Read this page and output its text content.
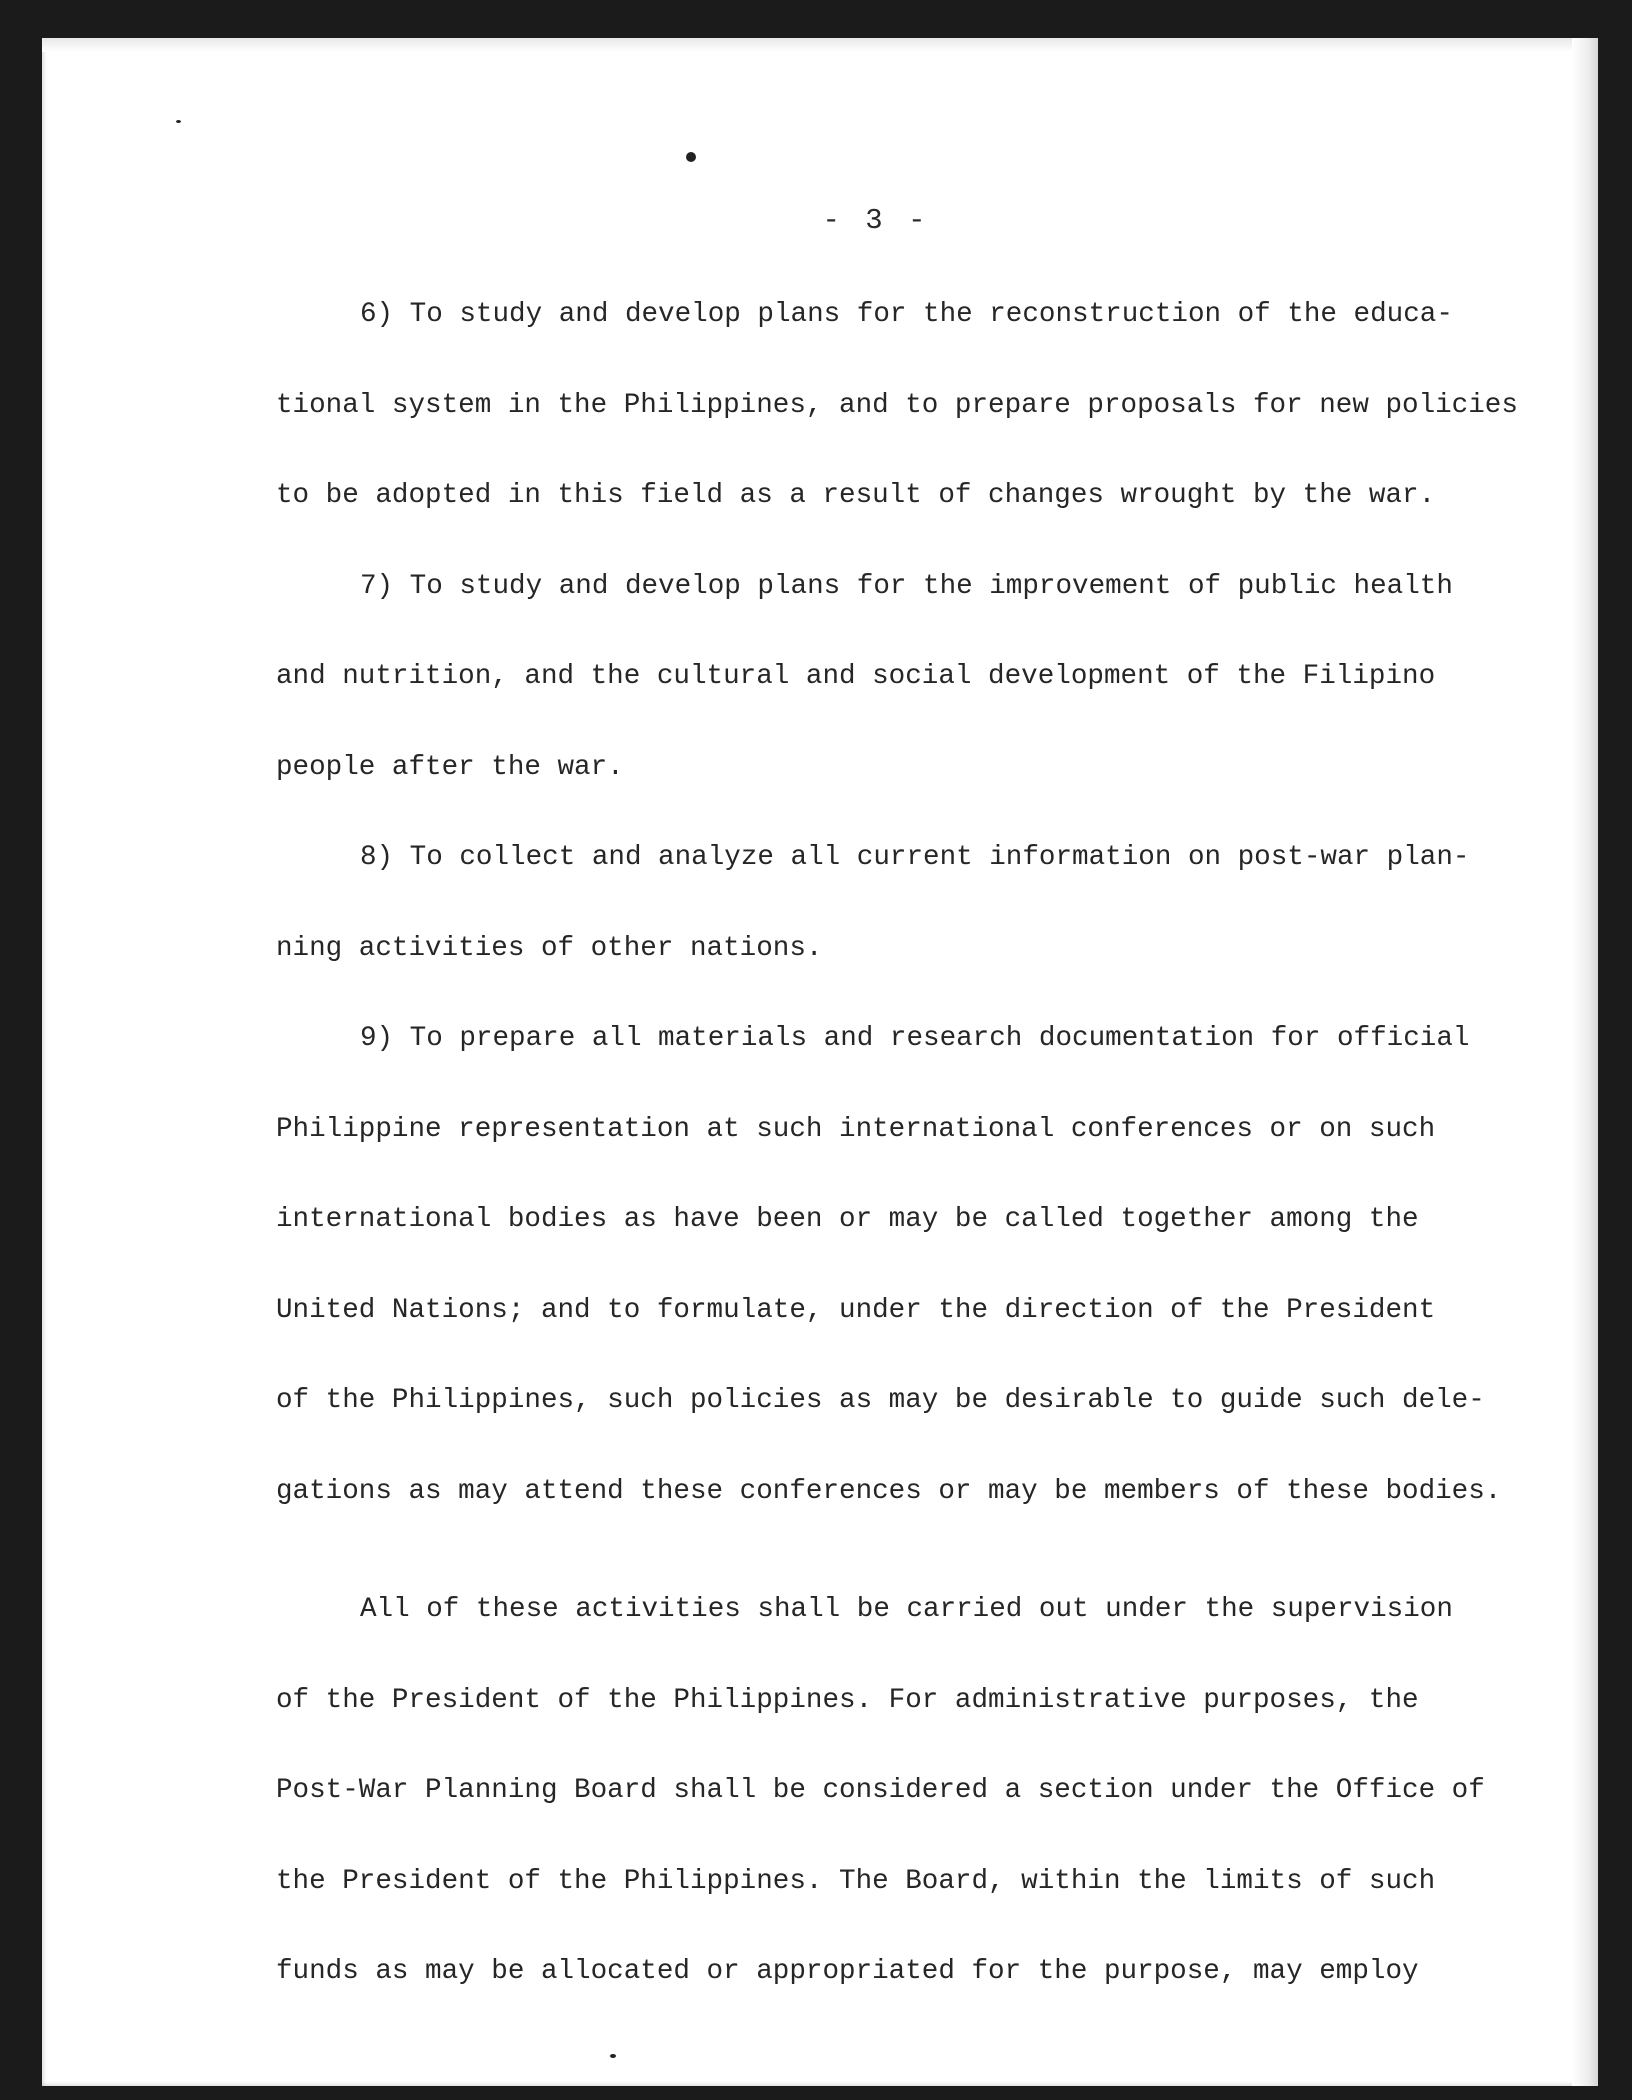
- 3 -
6) To study and develop plans for the reconstruction of the educa-
tional system in the Philippines, and to prepare proposals for new policies
to be adopted in this field as a result of changes wrought by the war.
7) To study and develop plans for the improvement of public health
and nutrition, and the cultural and social development of the Filipino
people after the war.
8) To collect and analyze all current information on post-war plan-
ning activities of other nations.
9) To prepare all materials and research documentation for official
Philippine representation at such international conferences or on such
international bodies as have been or may be called together among the
United Nations; and to formulate, under the direction of the President
of the Philippines, such policies as may be desirable to guide such dele-
gations as may attend these conferences or may be members of these bodies.
All of these activities shall be carried out under the supervision
of the President of the Philippines. For administrative purposes, the
Post-War Planning Board shall be considered a section under the Office of
the President of the Philippines. The Board, within the limits of such
funds as may be allocated or appropriated for the purpose, may employ
